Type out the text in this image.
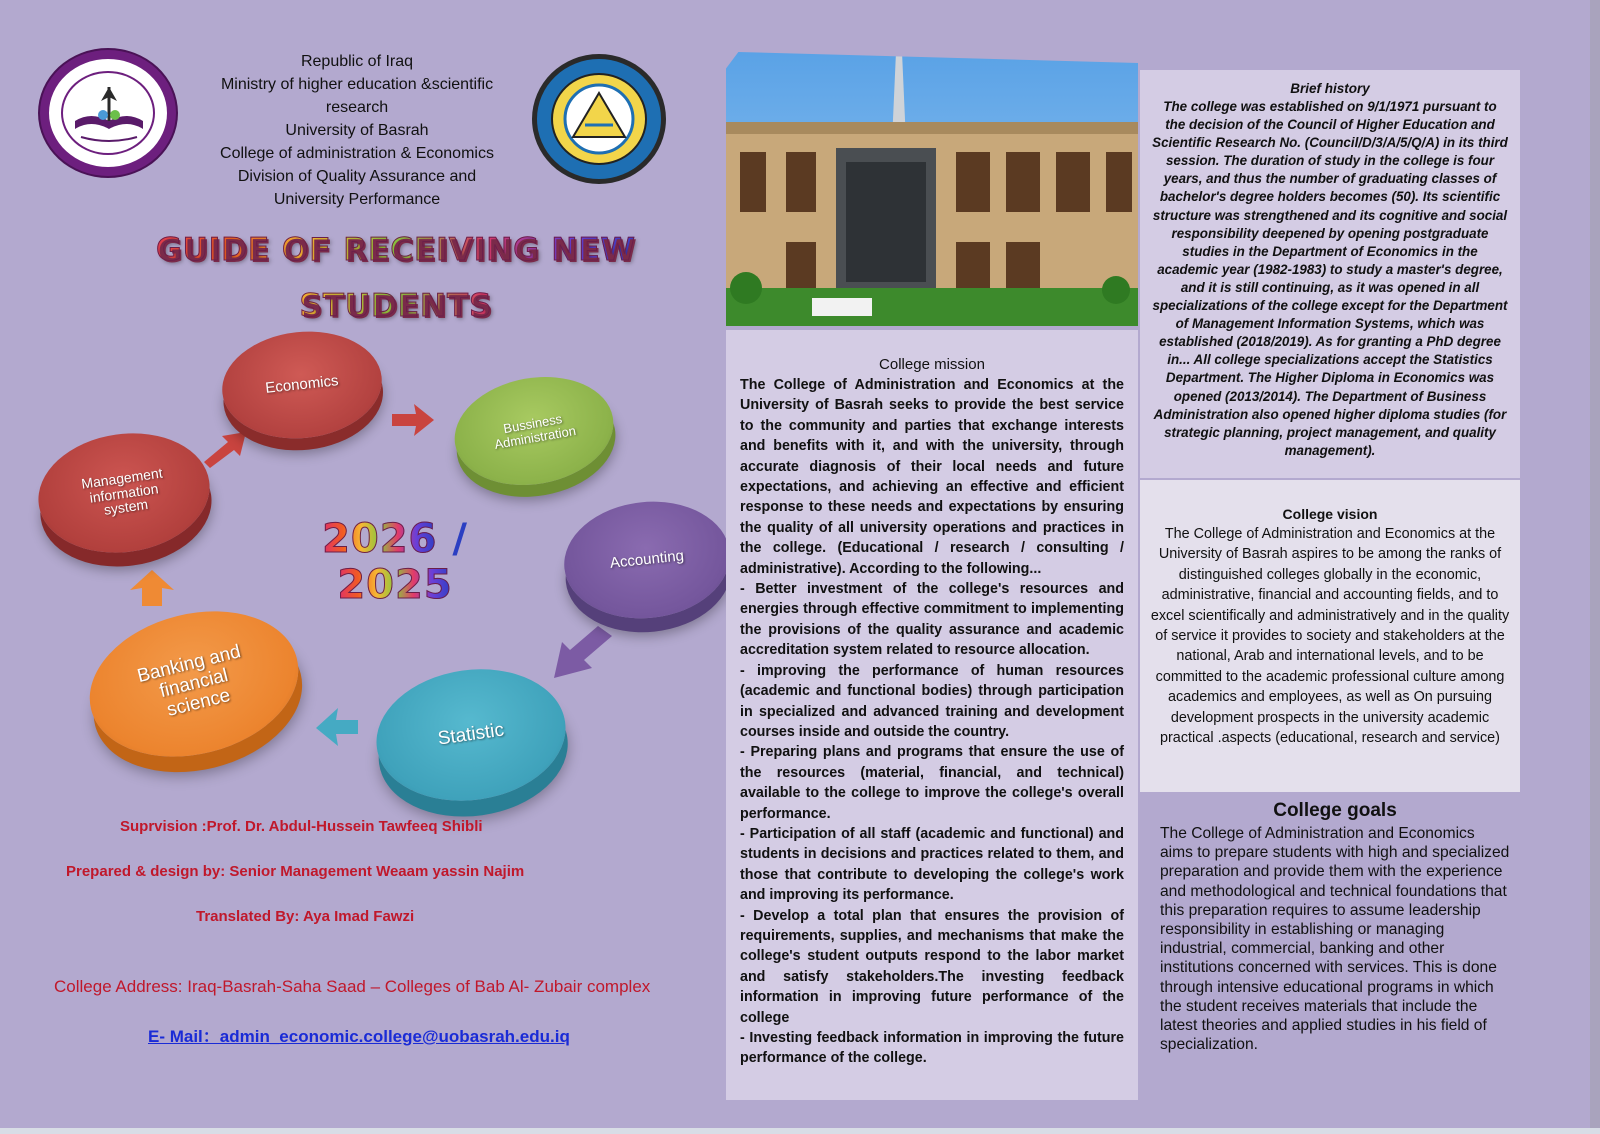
Republic of Iraq
Ministry of higher education &scientific
research
University of Basrah
College of administration & Economics
Division of Quality Assurance and
University Performance
GUIDE OF RECEIVING NEW
STUDENTS
Economics
Bussiness Administration
Management information system
Accounting
Banking and financial science
Statistic
2026 / 2025
Suprvision :Prof. Dr. Abdul-Hussein Tawfeeq Shibli
Prepared & design by: Senior Management Weaam yassin Najim
Translated By: Aya Imad Fawzi
College Address: Iraq-Basrah-Saha Saad – Colleges of Bab Al- Zubair complex
E- Mail：admin_economic.college@uobasrah.edu.iq
College mission

The College of Administration and Economics at the University of Basrah seeks to provide the best service to the community and parties that exchange interests and benefits with it, and with the university, through accurate diagnosis of their local needs and future expectations, and achieving an effective and efficient response to these needs and expectations by ensuring the quality of all university operations and practices in the college. (Educational / research / consulting / administrative). According to the following...

- Better investment of the college's resources and energies through effective commitment to implementing the provisions of the quality assurance and academic accreditation system related to resource allocation.

- improving the performance of human resources (academic and functional bodies) through participation in specialized and advanced training and development courses inside and outside the country.

- Preparing plans and programs that ensure the use of the resources (material, financial, and technical) available to the college to improve the college's overall performance.

- Participation of all staff (academic and functional) and students in decisions and practices related to them, and those that contribute to developing the college's work and improving its performance.

- Develop a total plan that ensures the provision of requirements, supplies, and mechanisms that make the college's student outputs respond to the labor market and satisfy stakeholders.The investing feedback information in improving future performance of the college

- Investing feedback information in improving the future performance of the college.

Brief history
The college was established on 9/1/1971 pursuant to the decision of the Council of Higher Education and Scientific Research No. (Council/D/3/A/5/Q/A) in its third session. The duration of study in the college is four years, and thus the number of graduating classes of bachelor's degree holders becomes (50). Its scientific structure was strengthened and its cognitive and social responsibility deepened by opening postgraduate studies in the Department of Economics in the academic year (1982-1983) to study a master's degree, and it is still continuing, as it was opened in all specializations of the college except for the Department of Management Information Systems, which was established (2018/2019). As for granting a PhD degree in... All college specializations accept the Statistics Department. The Higher Diploma in Economics was opened (2013/2014). The Department of Business Administration also opened higher diploma studies (for strategic planning, project management, and quality management).
College vision
The College of Administration and Economics at the University of Basrah aspires to be among the ranks of distinguished colleges globally in the economic, administrative, financial and accounting fields, and to excel scientifically and administratively and in the quality of service it provides to society and stakeholders at the national, Arab and international levels, and to be committed to the academic professional culture among academics and employees, as well as On pursuing development prospects in the university academic practical .aspects (educational, research and service)
College goals
The College of Administration and Economics aims to prepare students with high and specialized preparation and provide them with the experience and methodological and technical foundations that this preparation requires to assume leadership responsibility in establishing or managing industrial, commercial, banking and other institutions concerned with services. This is done through intensive educational programs in which the student receives materials that include the latest theories and applied studies in his field of specialization.
